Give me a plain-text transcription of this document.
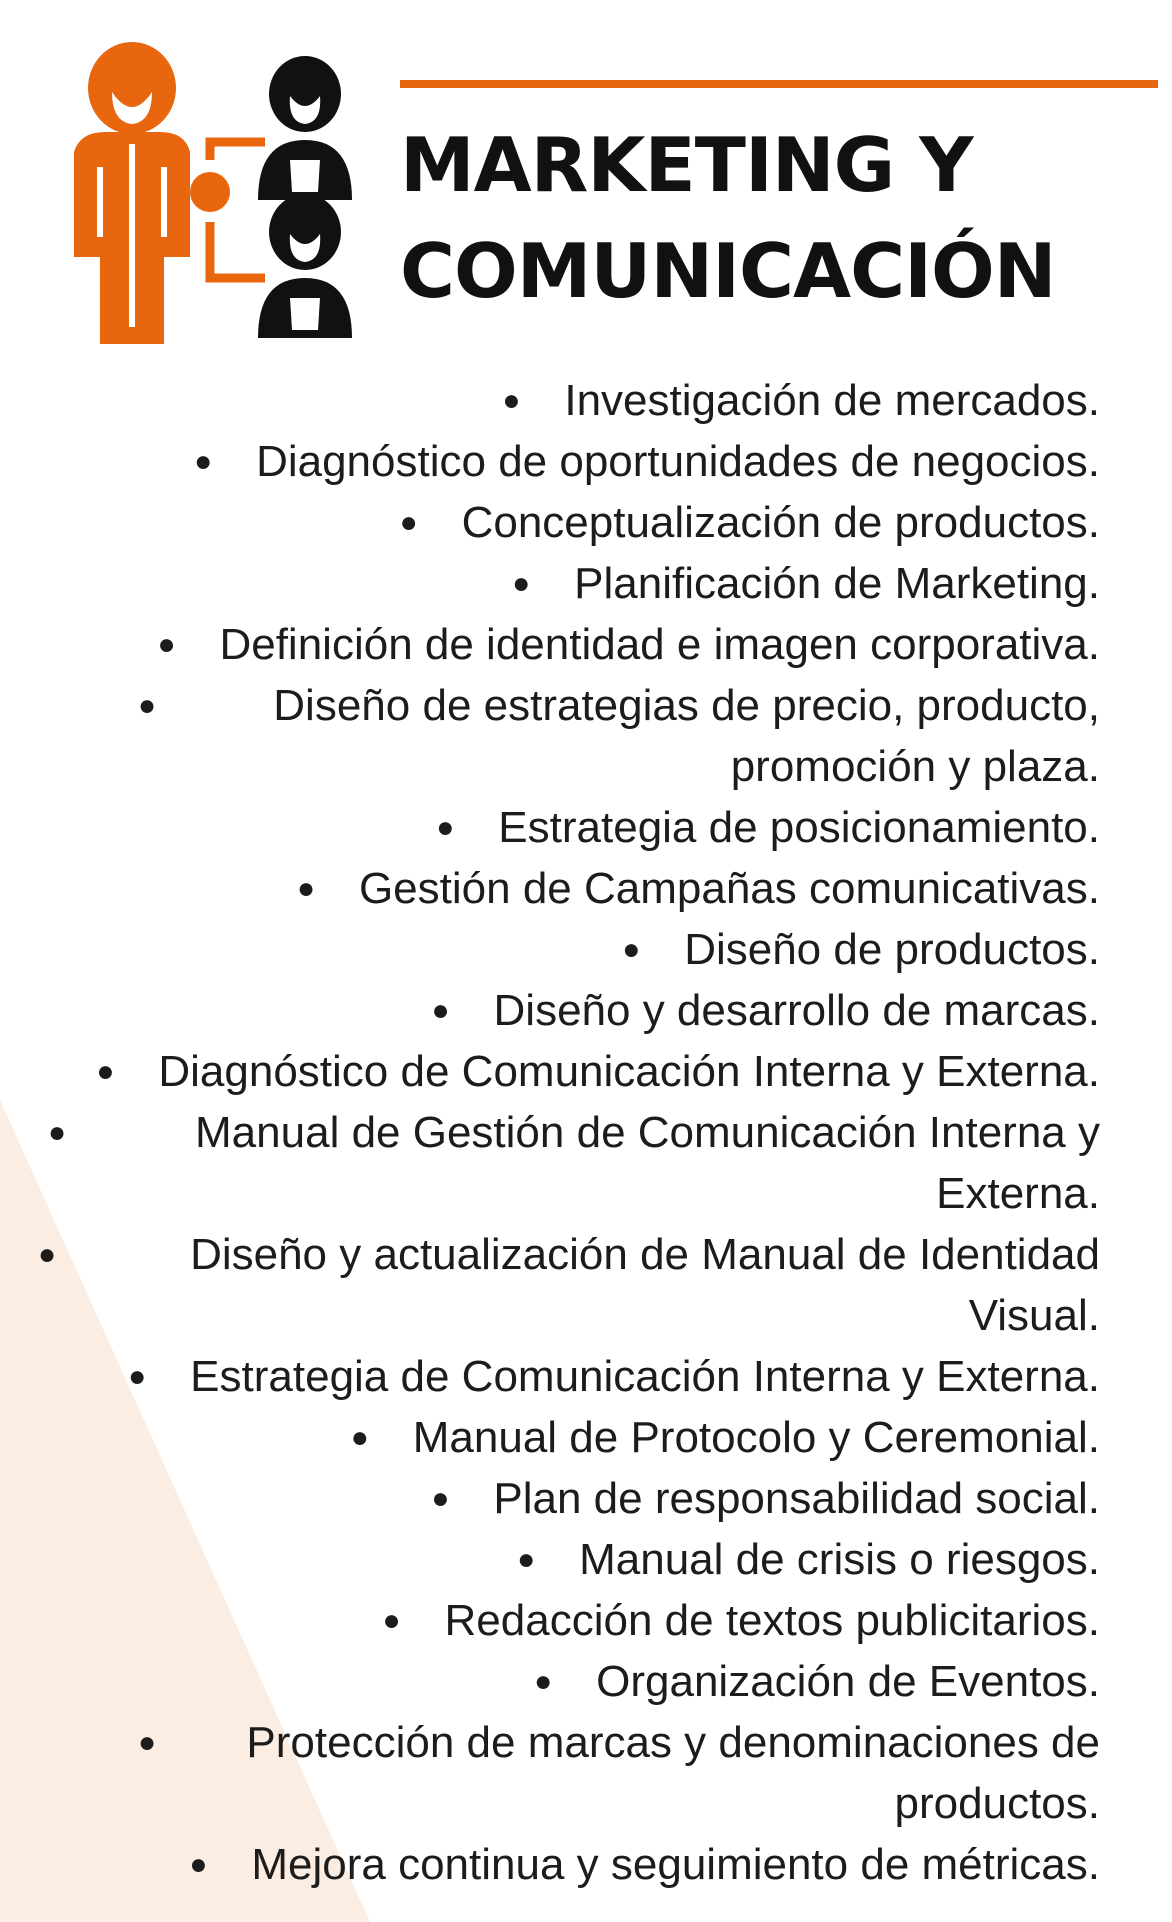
MARKETING Y
COMUNICACIÓN
● Investigación de mercados.
● Diagnóstico de oportunidades de negocios.
● Conceptualización de productos.
● Planificación de Marketing.
● Definición de identidad e imagen corporativa.
●	Diseño de estrategias de precio, producto, promoción y plaza.
● Estrategia de posicionamiento.
● Gestión de Campañas comunicativas.
● Diseño de productos.
● Diseño y desarrollo de marcas.
● Diagnóstico de Comunicación Interna y Externa.
●	Manual de Gestión de Comunicación Interna y Externa.
●	Diseño y actualización de Manual de Identidad Visual.
● Estrategia de Comunicación Interna y Externa.
● Manual de Protocolo y Ceremonial.
● Plan de responsabilidad social.
● Manual de crisis o riesgos.
● Redacción de textos publicitarios.
● Organización de Eventos.
●	Protección de marcas y denominaciones de productos.
● Mejora continua y seguimiento de métricas.
